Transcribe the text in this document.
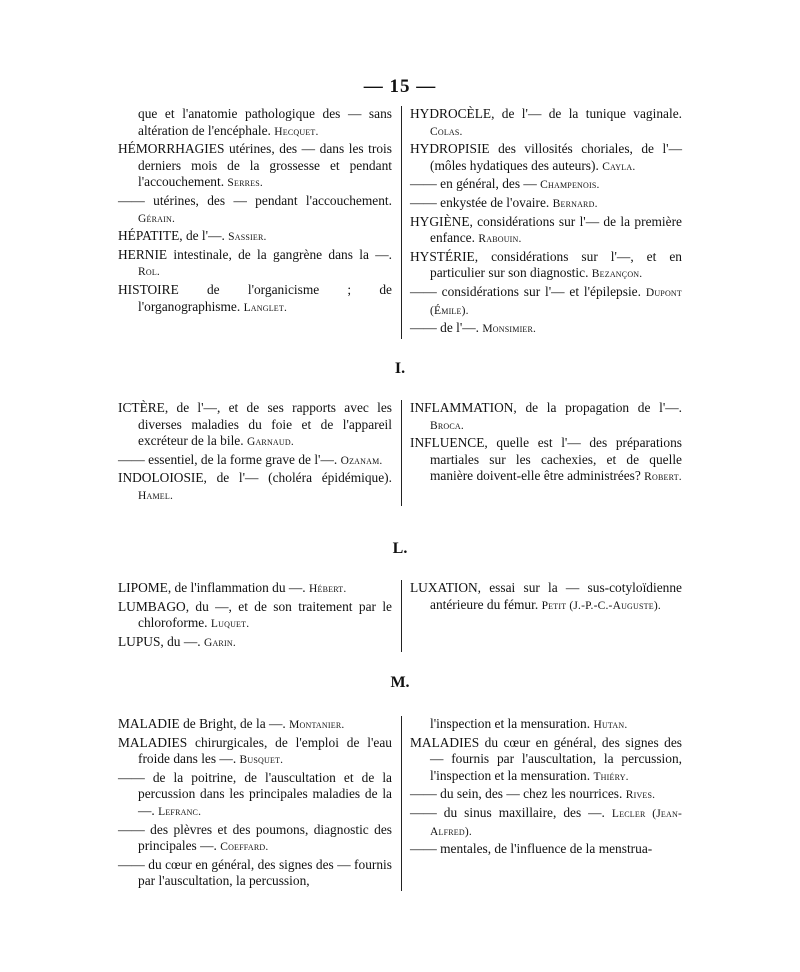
— 15 —
que et l'anatomie pathologique des — sans altération de l'encéphale. Hecquet.
HÉMORRHAGIES utérines, des — dans les trois derniers mois de la grossesse et pendant l'accouchement. Serres.
—— utérines, des — pendant l'accouchement. Gérain.
HÉPATITE, de l'—. Sassier.
HERNIE intestinale, de la gangrène dans la —. Rol.
HISTOIRE de l'organicisme ; de l'organographisme. Langlet.
HYDROCÈLE, de l'— de la tunique vaginale. Colas.
HYDROPISIE des villosités choriales, de l'— (môles hydatiques des auteurs). Cayla.
—— en général, des — Champenois.
—— enkystée de l'ovaire. Bernard.
HYGIÈNE, considérations sur l'— de la première enfance. Rabouin.
HYSTÉRIE, considérations sur l'—, et en particulier sur son diagnostic. Bezançon.
—— considérations sur l'— et l'épilepsie. Dupont (Émile).
—— de l'—. Monsimier.
I.
ICTÈRE, de l'—, et de ses rapports avec les diverses maladies du foie et de l'appareil excréteur de la bile. Garnaud.
—— essentiel, de la forme grave de l'—. Ozanam.
INDOLOIOSIE, de l'— (choléra épidémique). Hamel.
INFLAMMATION, de la propagation de l'—. Broca.
INFLUENCE, quelle est l'— des préparations martiales sur les cachexies, et de quelle manière doivent-elle être administrées? Robert.
L.
LIPOME, de l'inflammation du —. Hébert.
LUMBAGO, du —, et de son traitement par le chloroforme. Luquet.
LUPUS, du —. Garin.
LUXATION, essai sur la — sus-cotyloïdienne antérieure du fémur. Petit (J.-P.-C.-Auguste).
M.
MALADIE de Bright, de la —. Montanier.
MALADIES chirurgicales, de l'emploi de l'eau froide dans les —. Busquet.
—— de la poitrine, de l'auscultation et de la percussion dans les principales maladies de la —. Lefranc.
—— des plèvres et des poumons, diagnostic des principales —. Coeffard.
—— du cœur en général, des signes des — fournis par l'auscultation, la percussion,
l'inspection et la mensuration. Hutan.
MALADIES du cœur en général, des signes des — fournis par l'auscultation, la percussion, l'inspection et la mensuration. Thiéry.
—— du sein, des — chez les nourrices. Rives.
—— du sinus maxillaire, des —. Lecler (Jean-Alfred).
—— mentales, de l'influence de la menstrua-
